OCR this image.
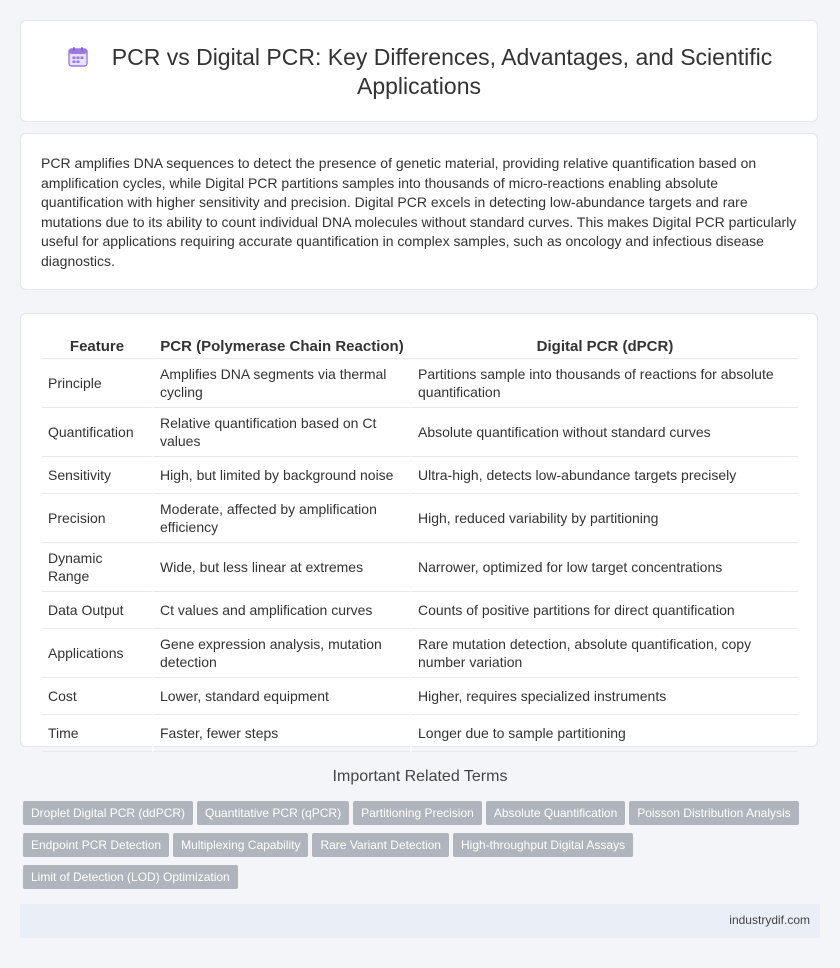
PCR vs Digital PCR: Key Differences, Advantages, and Scientific
Applications

PCR amplifies DNA sequences to detect the presence of genetic material, providing relative quantification based on amplification cycles, while Digital PCR partitions samples into thousands of micro-reactions enabling absolute quantification with higher sensitivity and precision. Digital PCR excels in detecting low-abundance targets and rare mutations due to its ability to count individual DNA molecules without standard curves. This makes Digital PCR particularly useful for applications requiring accurate quantification in complex samples, such as oncology and infectious disease diagnostics.

Feature	PCR (Polymerase Chain Reaction)	Digital PCR (dPCR)
Principle	Amplifies DNA segments via thermal cycling	Partitions sample into thousands of reactions for absolute quantification
Quantification	Relative quantification based on Ct values	Absolute quantification without standard curves
Sensitivity	High, but limited by background noise	Ultra-high, detects low-abundance targets precisely
Precision	Moderate, affected by amplification efficiency	High, reduced variability by partitioning
Dynamic Range	Wide, but less linear at extremes	Narrower, optimized for low target concentrations
Data Output	Ct values and amplification curves	Counts of positive partitions for direct quantification
Applications	Gene expression analysis, mutation detection	Rare mutation detection, absolute quantification, copy number variation
Cost	Lower, standard equipment	Higher, requires specialized instruments
Time	Faster, fewer steps	Longer due to sample partitioning
Important Related Terms
Droplet Digital PCR (ddPCR) Quantitative PCR (qPCR) Partitioning Precision Absolute Quantification Poisson Distribution AnalysisEndpoint PCR Detection Multiplexing Capability Rare Variant Detection High-throughput Digital AssaysLimit of Detection (LOD) Optimization
industrydif.com
